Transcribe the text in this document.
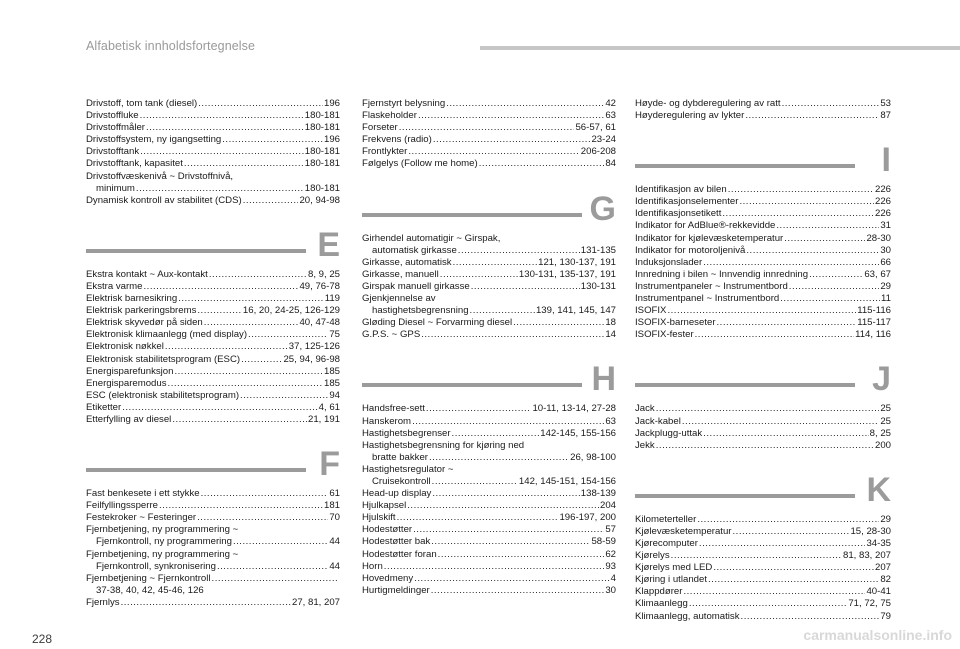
Alfabetisk innholdsfortegnelse
Drivstoff, tom tank (diesel) .....	196
Drivstoffluke .....	180-181
Drivstoffmåler .....	180-181
Drivstoffsystem, ny igangsetting .....	196
Drivstofftank .....	180-181
Drivstofftank, kapasitet .....	180-181
Drivstoffvæskenivå ~ Drivstoffnivå,
minimum .....	180-181
Dynamisk kontroll av stabilitet (CDS) .....	20, 94-98
E
Ekstra kontakt ~ Aux-kontakt .....	8, 9, 25
Ekstra varme .....	49, 76-78
Elektrisk barnesikring .....	119
Elektrisk parkeringsbrems .....	16, 20, 24-25, 126-129
Elektrisk skyvedør på siden .....	40, 47-48
Elektronisk klimaanlegg (med display) .....	75
Elektronisk nøkkel .....	37, 125-126
Elektronisk stabilitetsprogram (ESC) .....	25, 94, 96-98
Energisparefunksjon .....	185
Energisparemodus .....	185
ESC (elektronisk stabilitetsprogram) .....	94
Etiketter .....	4, 61
Etterfylling av diesel .....	21, 191
F
Fast benkesete i ett stykke .....	61
Feilfyllingssperre .....	181
Festekroker ~ Festeringer .....	70
Fjernbetjening, ny programmering ~
Fjernkontroll, ny programmering .....	44
Fjernbetjening, ny programmering ~
Fjernkontroll, synkronisering .....	44
Fjernbetjening ~ Fjernkontroll
.....
37-38, 40, 42, 45-46, 126
Fjernlys .....	27, 81, 207
Fjernstyrt belysning .....	42
Flaskeholder .....	63
Forseter .....	56-57, 61
Frekvens (radio) .....	23-24
Frontlykter .....	206-208
Følgelys (Follow me home) .....	84
G
Girhendel automatigir ~ Girspak,
automatisk girkasse .....	131-135
Girkasse, automatisk .....	121, 130-137, 191
Girkasse, manuell .....	130-131, 135-137, 191
Girspak manuell girkasse .....	130-131
Gjenkjennelse av
hastighetsbegrensning .....	139, 141, 145, 147
Gløding Diesel ~ Forvarming diesel .....	18
G.P.S. ~ GPS .....	14
H
Handsfree-sett .....	10-11, 13-14, 27-28
Hanskerom .....	63
Hastighetsbegrenser .....	142-145, 155-156
Hastighetsbegrensning for kjøring ned
bratte bakker .....	26, 98-100
Hastighetsregulator ~
Cruisekontroll .....	142, 145-151, 154-156
Head-up display .....	138-139
Hjulkapsel .....	204
Hjulskift .....	196-197, 200
Hodestøtter .....	57
Hodestøtter bak .....	58-59
Hodestøtter foran .....	62
Horn .....	93
Hovedmeny .....	4
Hurtigmeldinger .....	30
Høyde- og dybderegulering av ratt .....	53
Høyderegulering av lykter .....	87
I
Identifikasjon av bilen .....	226
Identifikasjonselementer .....	226
Identifikasjonsetikett .....	226
Indikator for AdBlue®-rekkevidde .....	31
Indikator for kjølevæsketemperatur .....	28-30
Indikator for motoroljenivå .....	30
Induksjonslader .....	66
Innredning i bilen ~ Innvendig innredning .....	63, 67
Instrumentpaneler ~ Instrumentbord .....	29
Instrumentpanel ~ Instrumentbord .....	11
ISOFIX .....	115-116
ISOFIX-barneseter .....	115-117
ISOFIX-fester .....	114, 116
J
Jack .....	25
Jack-kabel .....	25
Jackplugg-uttak .....	8, 25
Jekk .....	200
K
Kilometerteller .....	29
Kjølevæsketemperatur .....	15, 28-30
Kjørecomputer .....	34-35
Kjørelys .....	81, 83, 207
Kjørelys med LED .....	207
Kjøring i utlandet .....	82
Klappdører .....	40-41
Klimaanlegg .....	71, 72, 75
Klimaanlegg, automatisk .....	79
228	carmanualsonline.info
